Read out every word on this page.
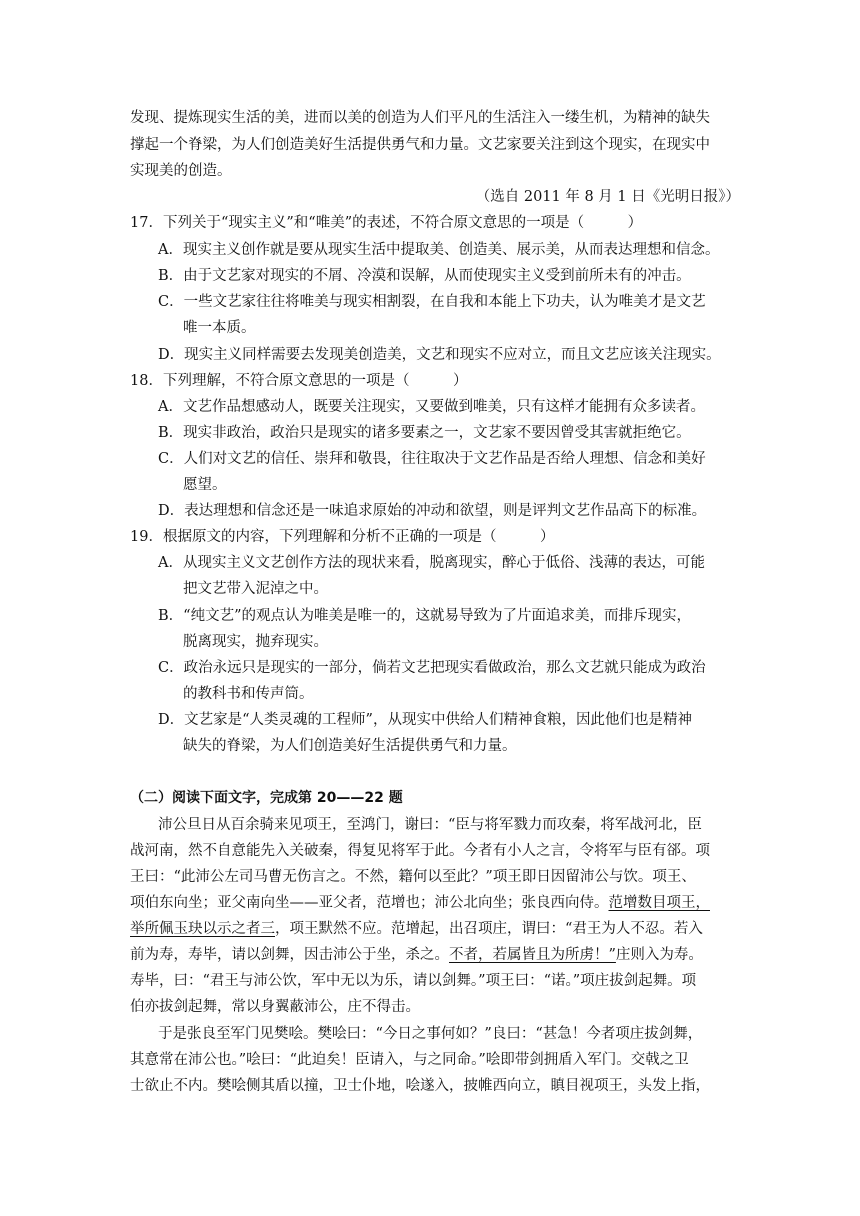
发现、提炼现实生活的美，进而以美的创造为人们平凡的生活注入一缕生机，为精神的缺失
撑起一个脊梁，为人们创造美好生活提供勇气和力量。文艺家要关注到这个现实，在现实中
实现美的创造。
（选自 2011 年 8 月 1 日《光明日报》）
17．下列关于“现实主义”和“唯美”的表述，不符合原文意思的一项是（　　　）
A．现实主义创作就是要从现实生活中提取美、创造美、展示美，从而表达理想和信念。
B．由于文艺家对现实的不屑、冷漠和误解，从而使现实主义受到前所未有的冲击。
C．一些文艺家往往将唯美与现实相割裂，在自我和本能上下功夫，认为唯美才是文艺
唯一本质。
D．现实主义同样需要去发现美创造美，文艺和现实不应对立，而且文艺应该关注现实。
18．下列理解，不符合原文意思的一项是（　　　）
A．文艺作品想感动人，既要关注现实，又要做到唯美，只有这样才能拥有众多读者。
B．现实非政治，政治只是现实的诸多要素之一，文艺家不要因曾受其害就拒绝它。
C．人们对文艺的信任、崇拜和敬畏，往往取决于文艺作品是否给人理想、信念和美好
愿望。
D．表达理想和信念还是一味追求原始的冲动和欲望，则是评判文艺作品高下的标准。
19．根据原文的内容，下列理解和分析不正确的一项是（　　　）
A．从现实主义文艺创作方法的现状来看，脱离现实，醉心于低俗、浅薄的表达，可能
把文艺带入泥淖之中。
B．“纯文艺”的观点认为唯美是唯一的，这就易导致为了片面追求美，而排斥现实，
脱离现实，抛弃现实。
C．政治永远只是现实的一部分，倘若文艺把现实看做政治，那么文艺就只能成为政治
的教科书和传声筒。
D．文艺家是“人类灵魂的工程师”，从现实中供给人们精神食粮，因此他们也是精神
缺失的脊梁，为人们创造美好生活提供勇气和力量。
（二）阅读下面文字，完成第 20——22 题
沛公旦日从百余骑来见项王，至鸿门，谢曰：“臣与将军戮力而攻秦，将军战河北，臣
战河南，然不自意能先入关破秦，得复见将军于此。今者有小人之言，令将军与臣有郤。项
王曰：“此沛公左司马曹无伤言之。不然，籍何以至此？”项王即日因留沛公与饮。项王、
项伯东向坐；亚父南向坐——亚父者，范增也；沛公北向坐；张良西向侍。范增数目项王，
举所佩玉玦以示之者三，项王默然不应。范增起，出召项庄，谓曰：“君王为人不忍。若入
前为寿，寿毕，请以剑舞，因击沛公于坐，杀之。不者，若属皆且为所虏！”庄则入为寿。
寿毕，曰：“君王与沛公饮，军中无以为乐，请以剑舞。”项王曰：“诺。”项庄拔剑起舞。项
伯亦拔剑起舞，常以身翼蔽沛公，庄不得击。
于是张良至军门见樊哙。樊哙曰：“今日之事何如？”良曰：“甚急！今者项庄拔剑舞，
其意常在沛公也。”哙曰：“此迫矣！臣请入，与之同命。”哙即带剑拥盾入军门。交戟之卫
士欲止不内。樊哙侧其盾以撞，卫士仆地，哙遂入，披帷西向立，瞋目视项王，头发上指，
